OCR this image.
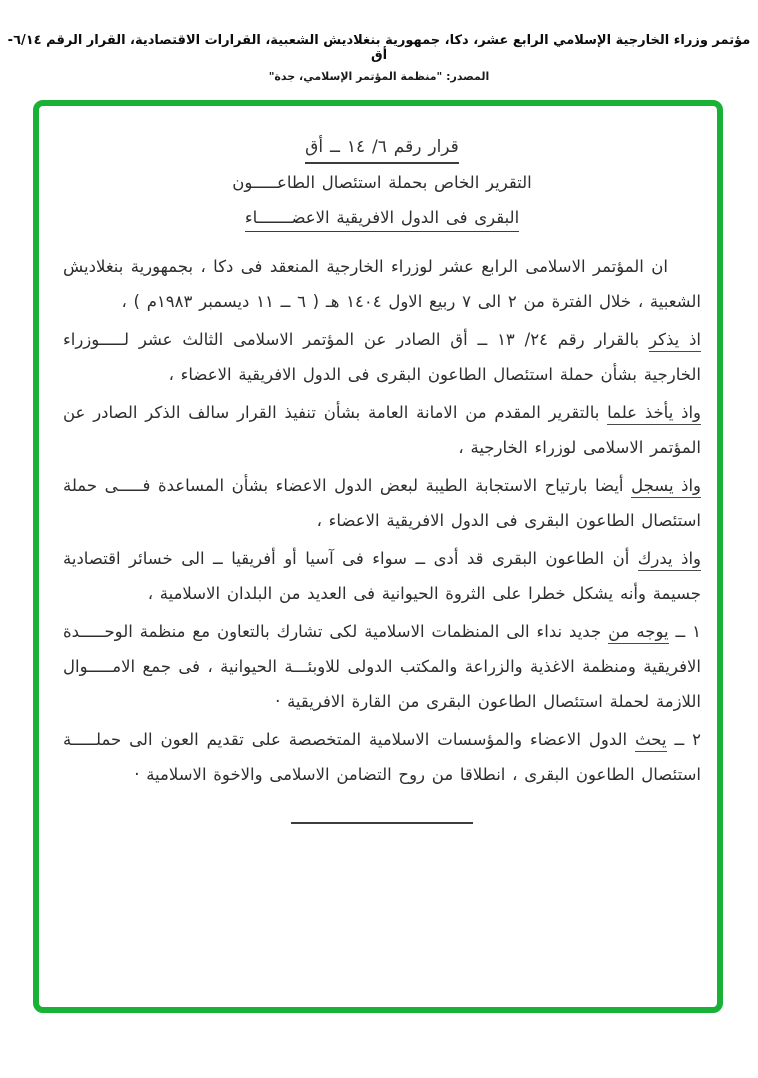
مؤتمر وزراء الخارجية الإسلامي الرابع عشر، دكا، جمهورية بنغلاديش الشعبية، القرارات الاقتصادية، القرار الرقم ٦/١٤-أق
المصدر: "منظمة المؤتمر الإسلامي، جدة"
قرار رقم ٦/ ١٤ ــ أق
التقرير الخاص بحملة استئصال الطاعـــــون
البقرى فى الدول الافريقية الاعضـــــــاء

ان المؤتمر الاسلامى الرابع عشر لوزراء الخارجية المنعقد فى دكا ، بجمهورية بنغلاديش الشعبية ، خلال الفترة من ٢ الى ٧ ربيع الاول ١٤٠٤ هـ ( ٦ ــ ١١ ديسمبر ١٩٨٣م ) ،

اذ يذكر بالقرار رقم ٢٤/ ١٣ ــ أق الصادر عن المؤتمر الاسلامى الثالث عشر لـــــوزراء الخارجية بشأن حملة استئصال الطاعون البقرى فى الدول الافريقية الاعضاء ،

واذ يأخذ علما بالتقرير المقدم من الامانة العامة بشأن تنفيذ القرار سالف الذكر الصادر عن المؤتمر الاسلامى لوزراء الخارجية ،

واذ يسجل أيضا بارتياح الاستجابة الطيبة لبعض الدول الاعضاء بشأن المساعدة فـــــى حملة استئصال الطاعون البقرى فى الدول الافريقية الاعضاء ،

واذ يدرك أن الطاعون البقرى قد أدى ــ سواء فى آسيا أو أفريقيا ــ الى خسائر اقتصادية جسيمة وأنه يشكل خطرا على الثروة الحيوانية فى العديد من البلدان الاسلامية ،

١ ــ يوجه من جديد نداء الى المنظمات الاسلامية لكى تشارك بالتعاون مع منظمة الوحـــــدة الافريقية ومنظمة الاغذية والزراعة والمكتب الدولى للاوبئـــة الحيوانية ، فى جمع الامـــــوال اللازمة لحملة استئصال الطاعون البقرى من القارة الافريقية ·

٢ ــ يحث الدول الاعضاء والمؤسسات الاسلامية المتخصصة على تقديم العون الى حملـــــة استئصال الطاعون البقرى ، انطلاقا من روح التضامن الاسلامى والاخوة الاسلامية ·
